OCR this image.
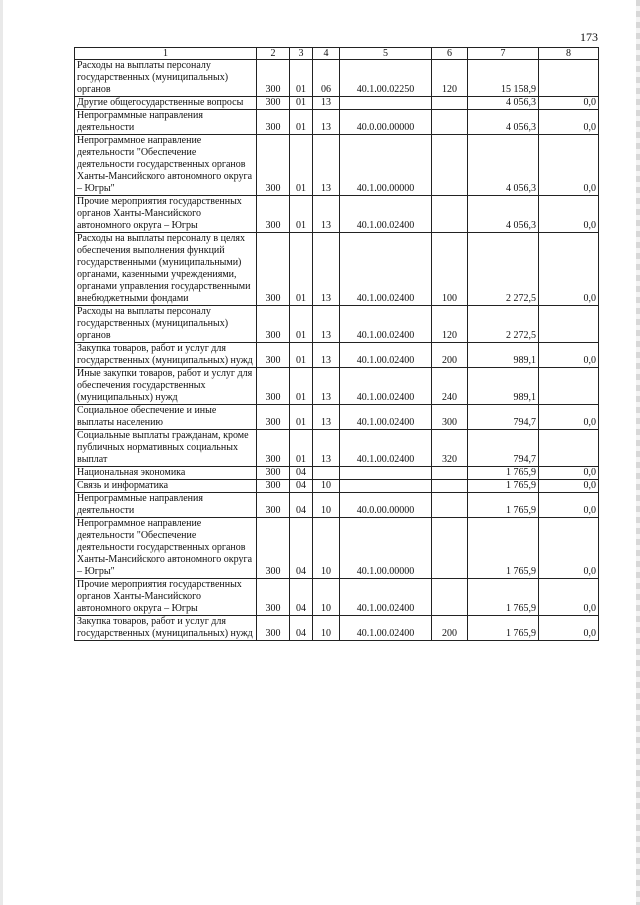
173
1	2	3	4	5	6	7	8
Расходы на выплаты персоналу государственных (муниципальных) органов	300	01	06	40.1.00.02250	120	15 158,9	
Другие общегосударственные вопросы	300	01	13			4 056,3	0,0
Непрограммные направления деятельности	300	01	13	40.0.00.00000		4 056,3	0,0
Непрограммное направление деятельности "Обеспечение деятельности государственных органов Ханты-Мансийского автономного округа – Югры"	300	01	13	40.1.00.00000		4 056,3	0,0
Прочие мероприятия государственных органов Ханты-Мансийского автономного округа – Югры	300	01	13	40.1.00.02400		4 056,3	0,0
Расходы на выплаты персоналу в целях обеспечения выполнения функций государственными (муниципальными) органами, казенными учреждениями, органами управления государственными внебюджетными фондами	300	01	13	40.1.00.02400	100	2 272,5	0,0
Расходы на выплаты персоналу государственных (муниципальных) органов	300	01	13	40.1.00.02400	120	2 272,5	
Закупка товаров, работ и услуг для государственных (муниципальных) нужд	300	01	13	40.1.00.02400	200	989,1	0,0
Иные закупки товаров, работ и услуг для обеспечения государственных (муниципальных) нужд	300	01	13	40.1.00.02400	240	989,1	
Социальное обеспечение и иные выплаты населению	300	01	13	40.1.00.02400	300	794,7	0,0
Социальные выплаты гражданам, кроме публичных нормативных социальных выплат	300	01	13	40.1.00.02400	320	794,7	
Национальная экономика	300	04				1 765,9	0,0
Связь и информатика	300	04	10			1 765,9	0,0
Непрограммные направления деятельности	300	04	10	40.0.00.00000		1 765,9	0,0
Непрограммное направление деятельности "Обеспечение деятельности государственных органов Ханты-Мансийского автономного округа – Югры"	300	04	10	40.1.00.00000		1 765,9	0,0
Прочие мероприятия государственных органов Ханты-Мансийского автономного округа – Югры	300	04	10	40.1.00.02400		1 765,9	0,0
Закупка товаров, работ и услуг для государственных (муниципальных) нужд	300	04	10	40.1.00.02400	200	1 765,9	0,0
